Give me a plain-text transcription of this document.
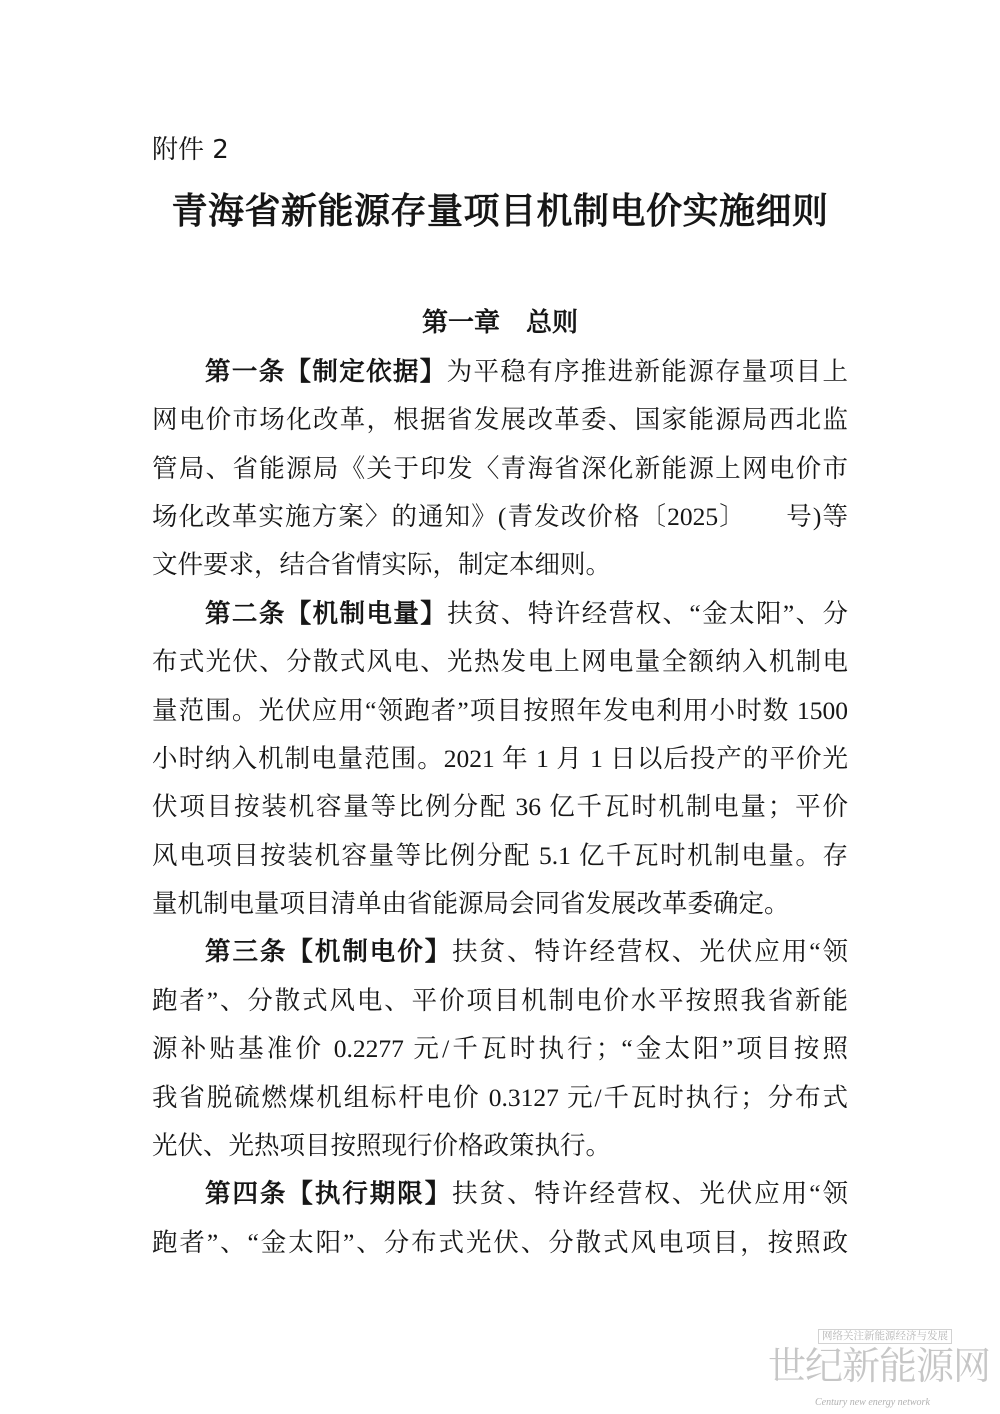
附件 2
青海省新能源存量项目机制电价实施细则
第一章　总则
第一条【制定依据】为平稳有序推进新能源存量项目上
网电价市场化改革，根据省发展改革委、国家能源局西北监
管局、省能源局《关于印发〈青海省深化新能源上网电价市
场化改革实施方案〉的通知》(青发改价格〔2025〕　　号)等
文件要求，结合省情实际，制定本细则。
第二条【机制电量】扶贫、特许经营权、“金太阳”、分
布式光伏、分散式风电、光热发电上网电量全额纳入机制电
量范围。光伏应用“领跑者”项目按照年发电利用小时数 1500
小时纳入机制电量范围。2021 年 1 月 1 日以后投产的平价光
伏项目按装机容量等比例分配 36 亿千瓦时机制电量；平价
风电项目按装机容量等比例分配 5.1 亿千瓦时机制电量。存
量机制电量项目清单由省能源局会同省发展改革委确定。
第三条【机制电价】扶贫、特许经营权、光伏应用“领
跑者”、分散式风电、平价项目机制电价水平按照我省新能
源补贴基准价 0.2277 元/千瓦时执行；“金太阳”项目按照
我省脱硫燃煤机组标杆电价 0.3127 元/千瓦时执行；分布式
光伏、光热项目按照现行价格政策执行。
第四条【执行期限】扶贫、特许经营权、光伏应用“领
跑者”、“金太阳”、分布式光伏、分散式风电项目，按照政
网络关注新能源经济与发展
世纪新能源网
Century new energy network
